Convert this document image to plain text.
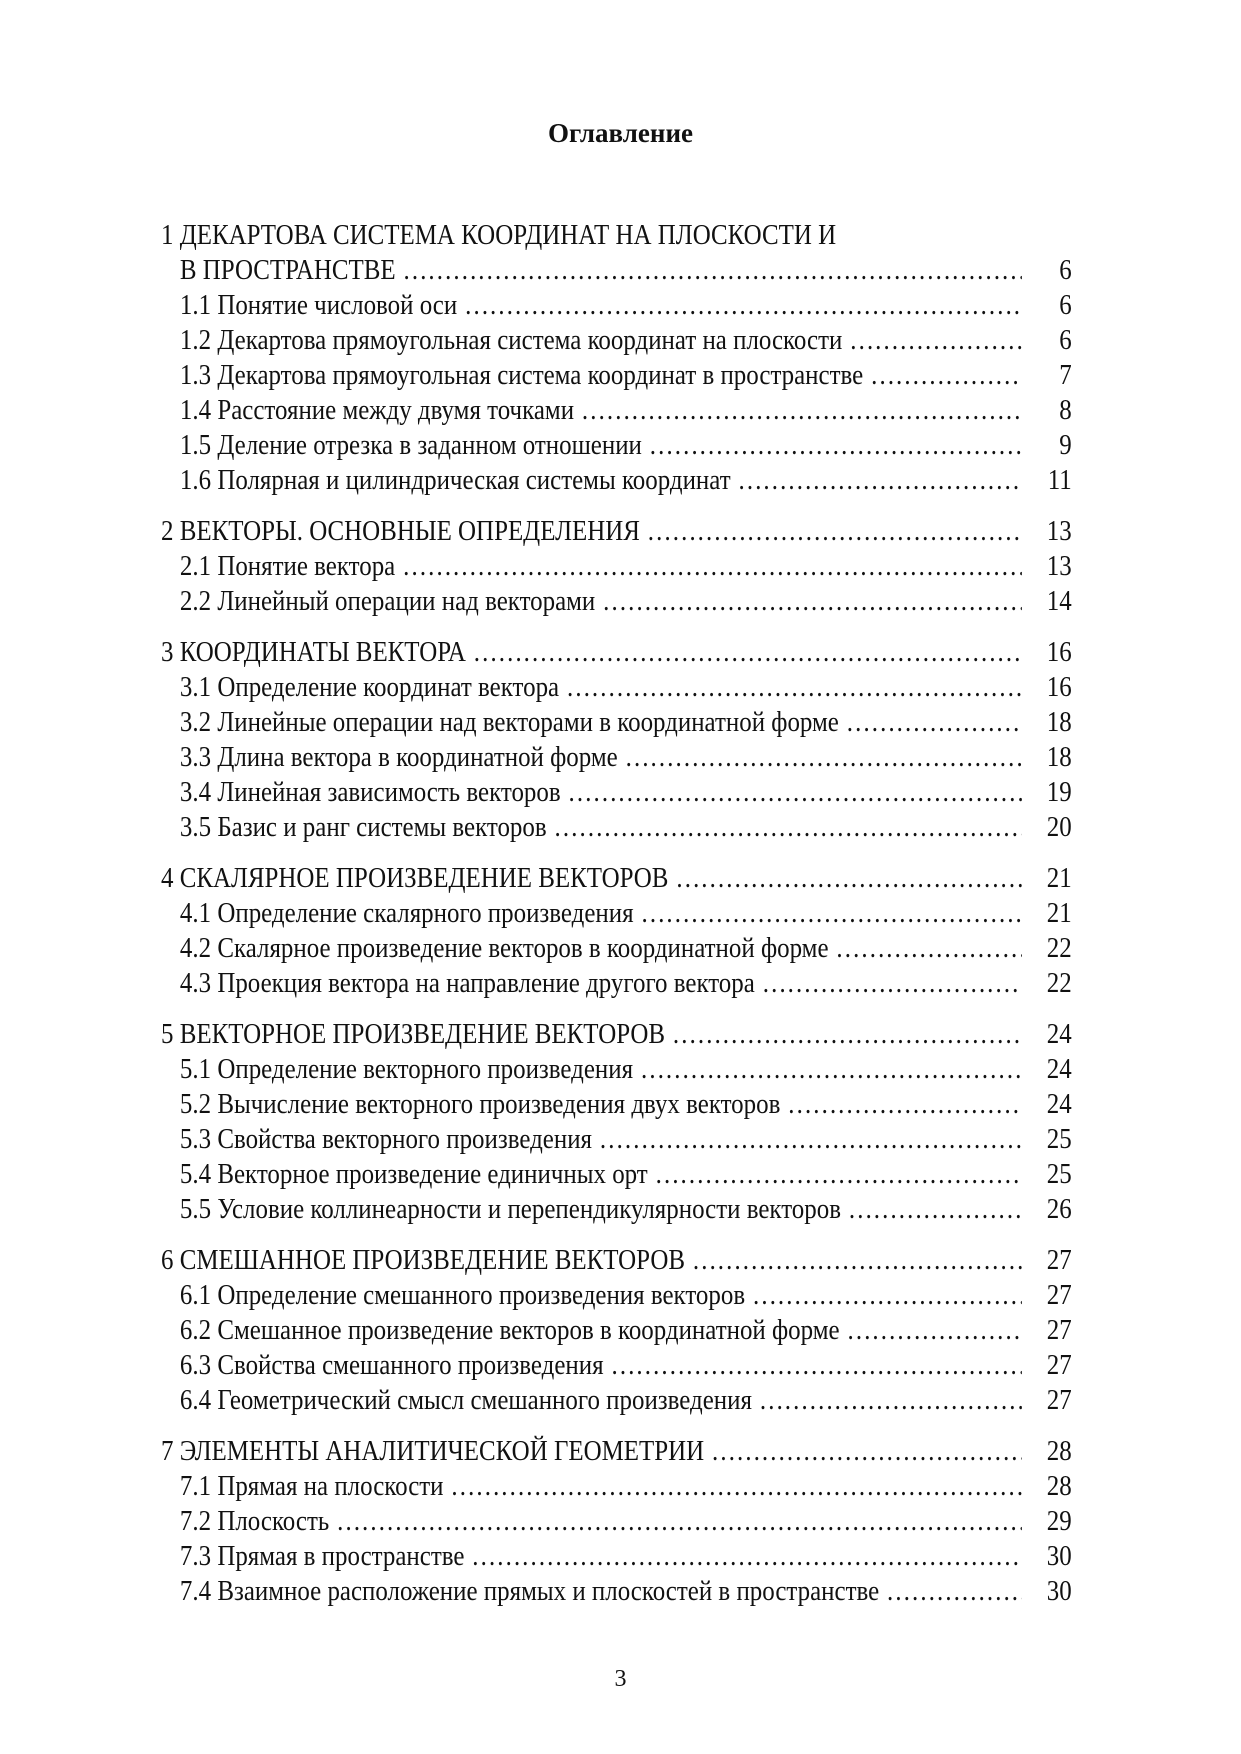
Оглавление
1 ДЕКАРТОВА СИСТЕМА КООРДИНАТ НА ПЛОСКОСТИ И
В ПРОСТРАНСТВЕ ……………………………………………………………………………………………………………………………………………………	6
1.1 Понятие числовой оси ……………………………………………………………………………………………………………………………………………………	6
1.2 Декартова прямоугольная система координат на плоскости ……………………………………………………………………………………………………………………………………………………	6
1.3 Декартова прямоугольная система координат в пространстве ……………………………………………………………………………………………………………………………………………………	7
1.4 Расстояние между двумя точками ……………………………………………………………………………………………………………………………………………………	8
1.5 Деление отрезка в заданном отношении ……………………………………………………………………………………………………………………………………………………	9
1.6 Полярная и цилиндрическая системы координат ……………………………………………………………………………………………………………………………………………………	11
2 ВЕКТОРЫ. ОСНОВНЫЕ ОПРЕДЕЛЕНИЯ ……………………………………………………………………………………………………………………………………………………	13
2.1 Понятие вектора ……………………………………………………………………………………………………………………………………………………	13
2.2 Линейный операции над векторами ……………………………………………………………………………………………………………………………………………………	14
3 КООРДИНАТЫ ВЕКТОРА ……………………………………………………………………………………………………………………………………………………	16
3.1 Определение координат вектора ……………………………………………………………………………………………………………………………………………………	16
3.2 Линейные операции над векторами в координатной форме ……………………………………………………………………………………………………………………………………………………	18
3.3 Длина вектора в координатной форме ……………………………………………………………………………………………………………………………………………………	18
3.4 Линейная зависимость векторов ……………………………………………………………………………………………………………………………………………………	19
3.5 Базис и ранг системы векторов ……………………………………………………………………………………………………………………………………………………	20
4 СКАЛЯРНОЕ ПРОИЗВЕДЕНИЕ ВЕКТОРОВ ……………………………………………………………………………………………………………………………………………………	21
4.1 Определение скалярного произведения ……………………………………………………………………………………………………………………………………………………	21
4.2 Скалярное произведение векторов в координатной форме ……………………………………………………………………………………………………………………………………………………	22
4.3 Проекция вектора на направление другого вектора ……………………………………………………………………………………………………………………………………………………	22
5 ВЕКТОРНОЕ ПРОИЗВЕДЕНИЕ ВЕКТОРОВ ……………………………………………………………………………………………………………………………………………………	24
5.1 Определение векторного произведения ……………………………………………………………………………………………………………………………………………………	24
5.2 Вычисление векторного произведения двух векторов ……………………………………………………………………………………………………………………………………………………	24
5.3 Свойства векторного произведения ……………………………………………………………………………………………………………………………………………………	25
5.4 Векторное произведение единичных орт ……………………………………………………………………………………………………………………………………………………	25
5.5 Условие коллинеарности и перепендикулярности векторов ……………………………………………………………………………………………………………………………………………………	26
6 СМЕШАННОЕ ПРОИЗВЕДЕНИЕ ВЕКТОРОВ ……………………………………………………………………………………………………………………………………………………	27
6.1 Определение смешанного произведения векторов ……………………………………………………………………………………………………………………………………………………	27
6.2 Смешанное произведение векторов в координатной форме ……………………………………………………………………………………………………………………………………………………	27
6.3 Свойства смешанного произведения ……………………………………………………………………………………………………………………………………………………	27
6.4 Геометрический смысл смешанного произведения ……………………………………………………………………………………………………………………………………………………	27
7 ЭЛЕМЕНТЫ АНАЛИТИЧЕСКОЙ ГЕОМЕТРИИ ……………………………………………………………………………………………………………………………………………………	28
7.1 Прямая на плоскости ……………………………………………………………………………………………………………………………………………………	28
7.2 Плоскость ……………………………………………………………………………………………………………………………………………………	29
7.3 Прямая в пространстве ……………………………………………………………………………………………………………………………………………………	30
7.4 Взаимное расположение прямых и плоскостей в пространстве ……………………………………………………………………………………………………………………………………………………	30
3
